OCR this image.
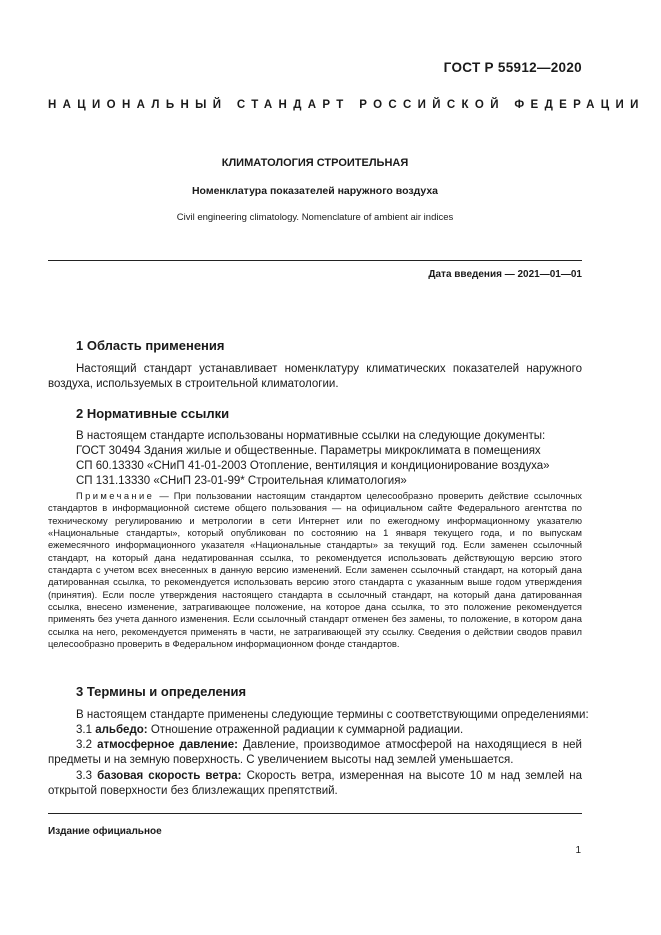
ГОСТ Р 55912—2020
НАЦИОНАЛЬНЫЙ СТАНДАРТ РОССИЙСКОЙ ФЕДЕРАЦИИ
КЛИМАТОЛОГИЯ СТРОИТЕЛЬНАЯ
Номенклатура показателей наружного воздуха
Civil engineering climatology. Nomenclature of ambient air indices
Дата введения — 2021—01—01
1 Область применения
Настоящий стандарт устанавливает номенклатуру климатических показателей наружного воздуха, используемых в строительной климатологии.
2 Нормативные ссылки
В настоящем стандарте использованы нормативные ссылки на следующие документы:
ГОСТ 30494 Здания жилые и общественные. Параметры микроклимата в помещениях
СП 60.13330 «СНиП 41-01-2003 Отопление, вентиляция и кондиционирование воздуха»
СП 131.13330 «СНиП 23-01-99* Строительная климатология»
Примечание — При пользовании настоящим стандартом целесообразно проверить действие ссылочных стандартов в информационной системе общего пользования — на официальном сайте Федерального агентства по техническому регулированию и метрологии в сети Интернет или по ежегодному информационному указателю «Национальные стандарты», который опубликован по состоянию на 1 января текущего года, и по выпускам ежемесячного информационного указателя «Национальные стандарты» за текущий год. Если заменен ссылочный стандарт, на который дана недатированная ссылка, то рекомендуется использовать действующую версию этого стандарта с учетом всех внесенных в данную версию изменений. Если заменен ссылочный стандарт, на который дана датированная ссылка, то рекомендуется использовать версию этого стандарта с указанным выше годом утверждения (принятия). Если после утверждения настоящего стандарта в ссылочный стандарт, на который дана датированная ссылка, внесено изменение, затрагивающее положение, на которое дана ссылка, то это положение рекомендуется применять без учета данного изменения. Если ссылочный стандарт отменен без замены, то положение, в котором дана ссылка на него, рекомендуется применять в части, не затрагивающей эту ссылку. Сведения о действии сводов правил целесообразно проверить в Федеральном информационном фонде стандартов.
3 Термины и определения
В настоящем стандарте применены следующие термины с соответствующими определениями:
3.1 альбедо: Отношение отраженной радиации к суммарной радиации.
3.2 атмосферное давление: Давление, производимое атмосферой на находящиеся в ней предметы и на земную поверхность. С увеличением высоты над землей уменьшается.
3.3 базовая скорость ветра: Скорость ветра, измеренная на высоте 10 м над землей на открытой поверхности без близлежащих препятствий.
Издание официальное
1
